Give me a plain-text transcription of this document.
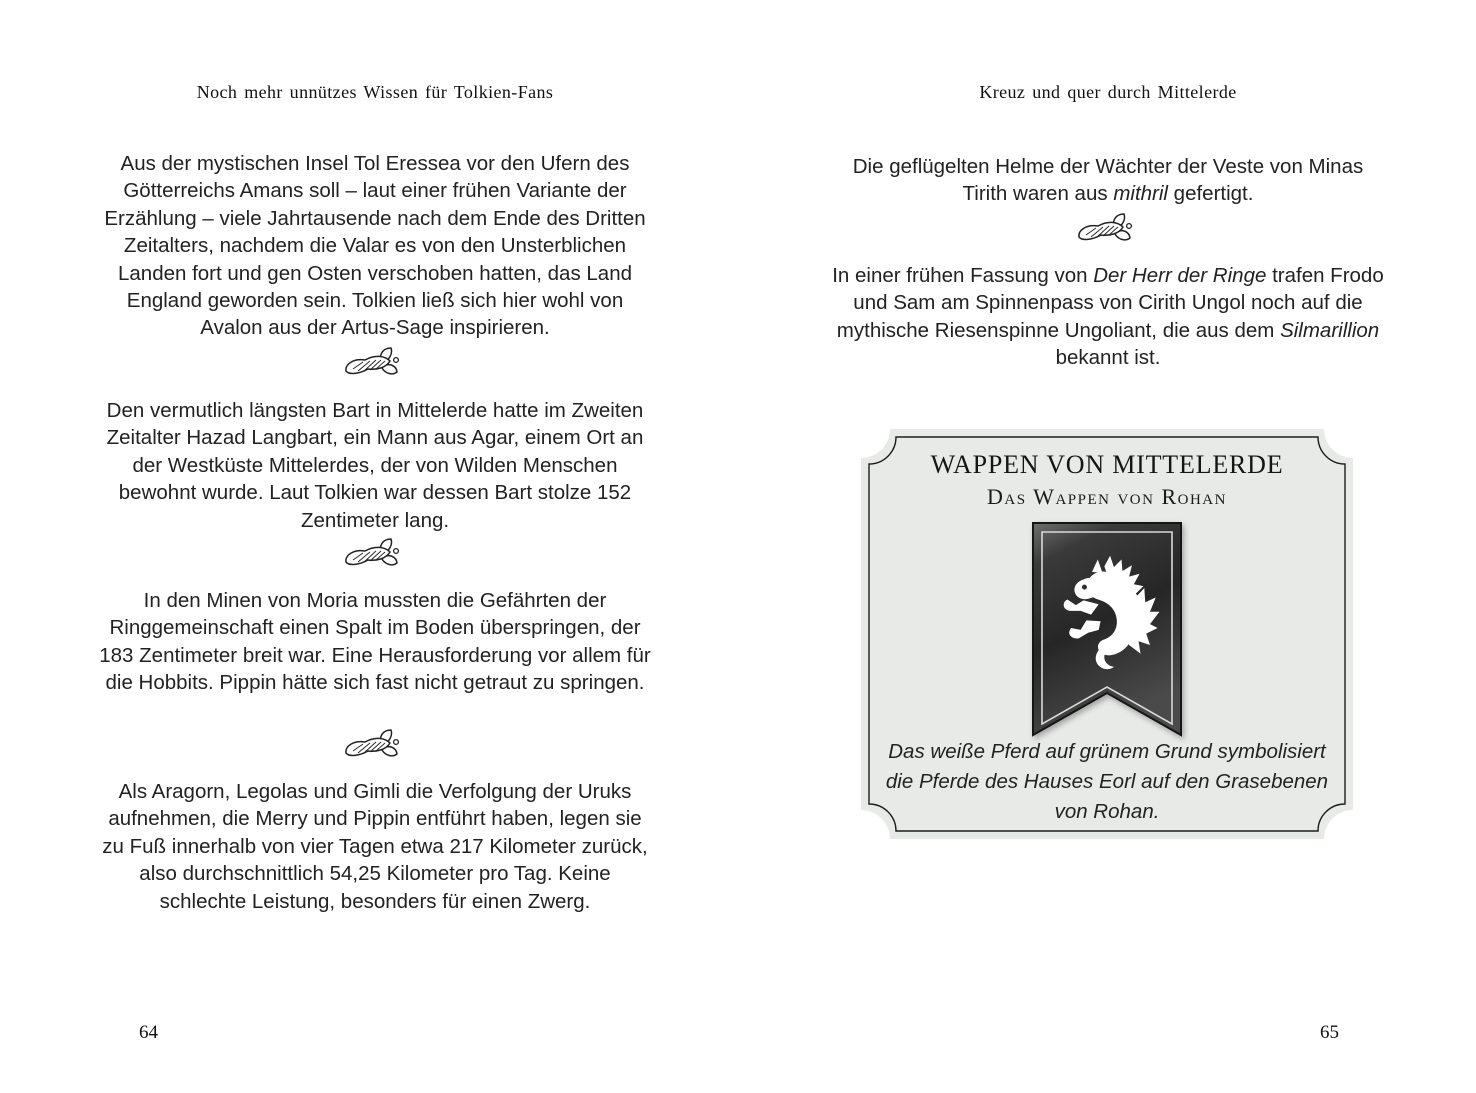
Noch mehr unnützes Wissen für Tolkien-Fans
Aus der mystischen Insel Tol Eressea vor den Ufern des Götterreichs Amans soll – laut einer frühen Variante der Erzählung – viele Jahrtausende nach dem Ende des Dritten Zeitalters, nachdem die Valar es von den Unsterblichen Landen fort und gen Osten verschoben hatten, das Land England geworden sein. Tolkien ließ sich hier wohl von Avalon aus der Artus-Sage inspirieren.
Den vermutlich längsten Bart in Mittelerde hatte im Zweiten Zeitalter Hazad Langbart, ein Mann aus Agar, einem Ort an der Westküste Mittelerdes, der von Wilden Menschen bewohnt wurde. Laut Tolkien war dessen Bart stolze 152 Zentimeter lang.
In den Minen von Moria mussten die Gefährten der Ringgemeinschaft einen Spalt im Boden überspringen, der 183 Zentimeter breit war. Eine Herausforderung vor allem für die Hobbits. Pippin hätte sich fast nicht getraut zu springen.
Als Aragorn, Legolas und Gimli die Verfolgung der Uruks aufnehmen, die Merry und Pippin entführt haben, legen sie zu Fuß innerhalb von vier Tagen etwa 217 Kilometer zurück, also durchschnittlich 54,25 Kilometer pro Tag. Keine schlechte Leistung, besonders für einen Zwerg.
64
Kreuz und quer durch Mittelerde
Die geflügelten Helme der Wächter der Veste von Minas Tirith waren aus mithril gefertigt.
In einer frühen Fassung von Der Herr der Ringe trafen Frodo und Sam am Spinnenpass von Cirith Ungol noch auf die mythische Riesenspinne Ungoliant, die aus dem Silmarillion bekannt ist.
WAPPEN VON MITTELERDE
Das Wappen von Rohan
Das weiße Pferd auf grünem Grund symbolisiert die Pferde des Hauses Eorl auf den Grasebenen von Rohan.
65
